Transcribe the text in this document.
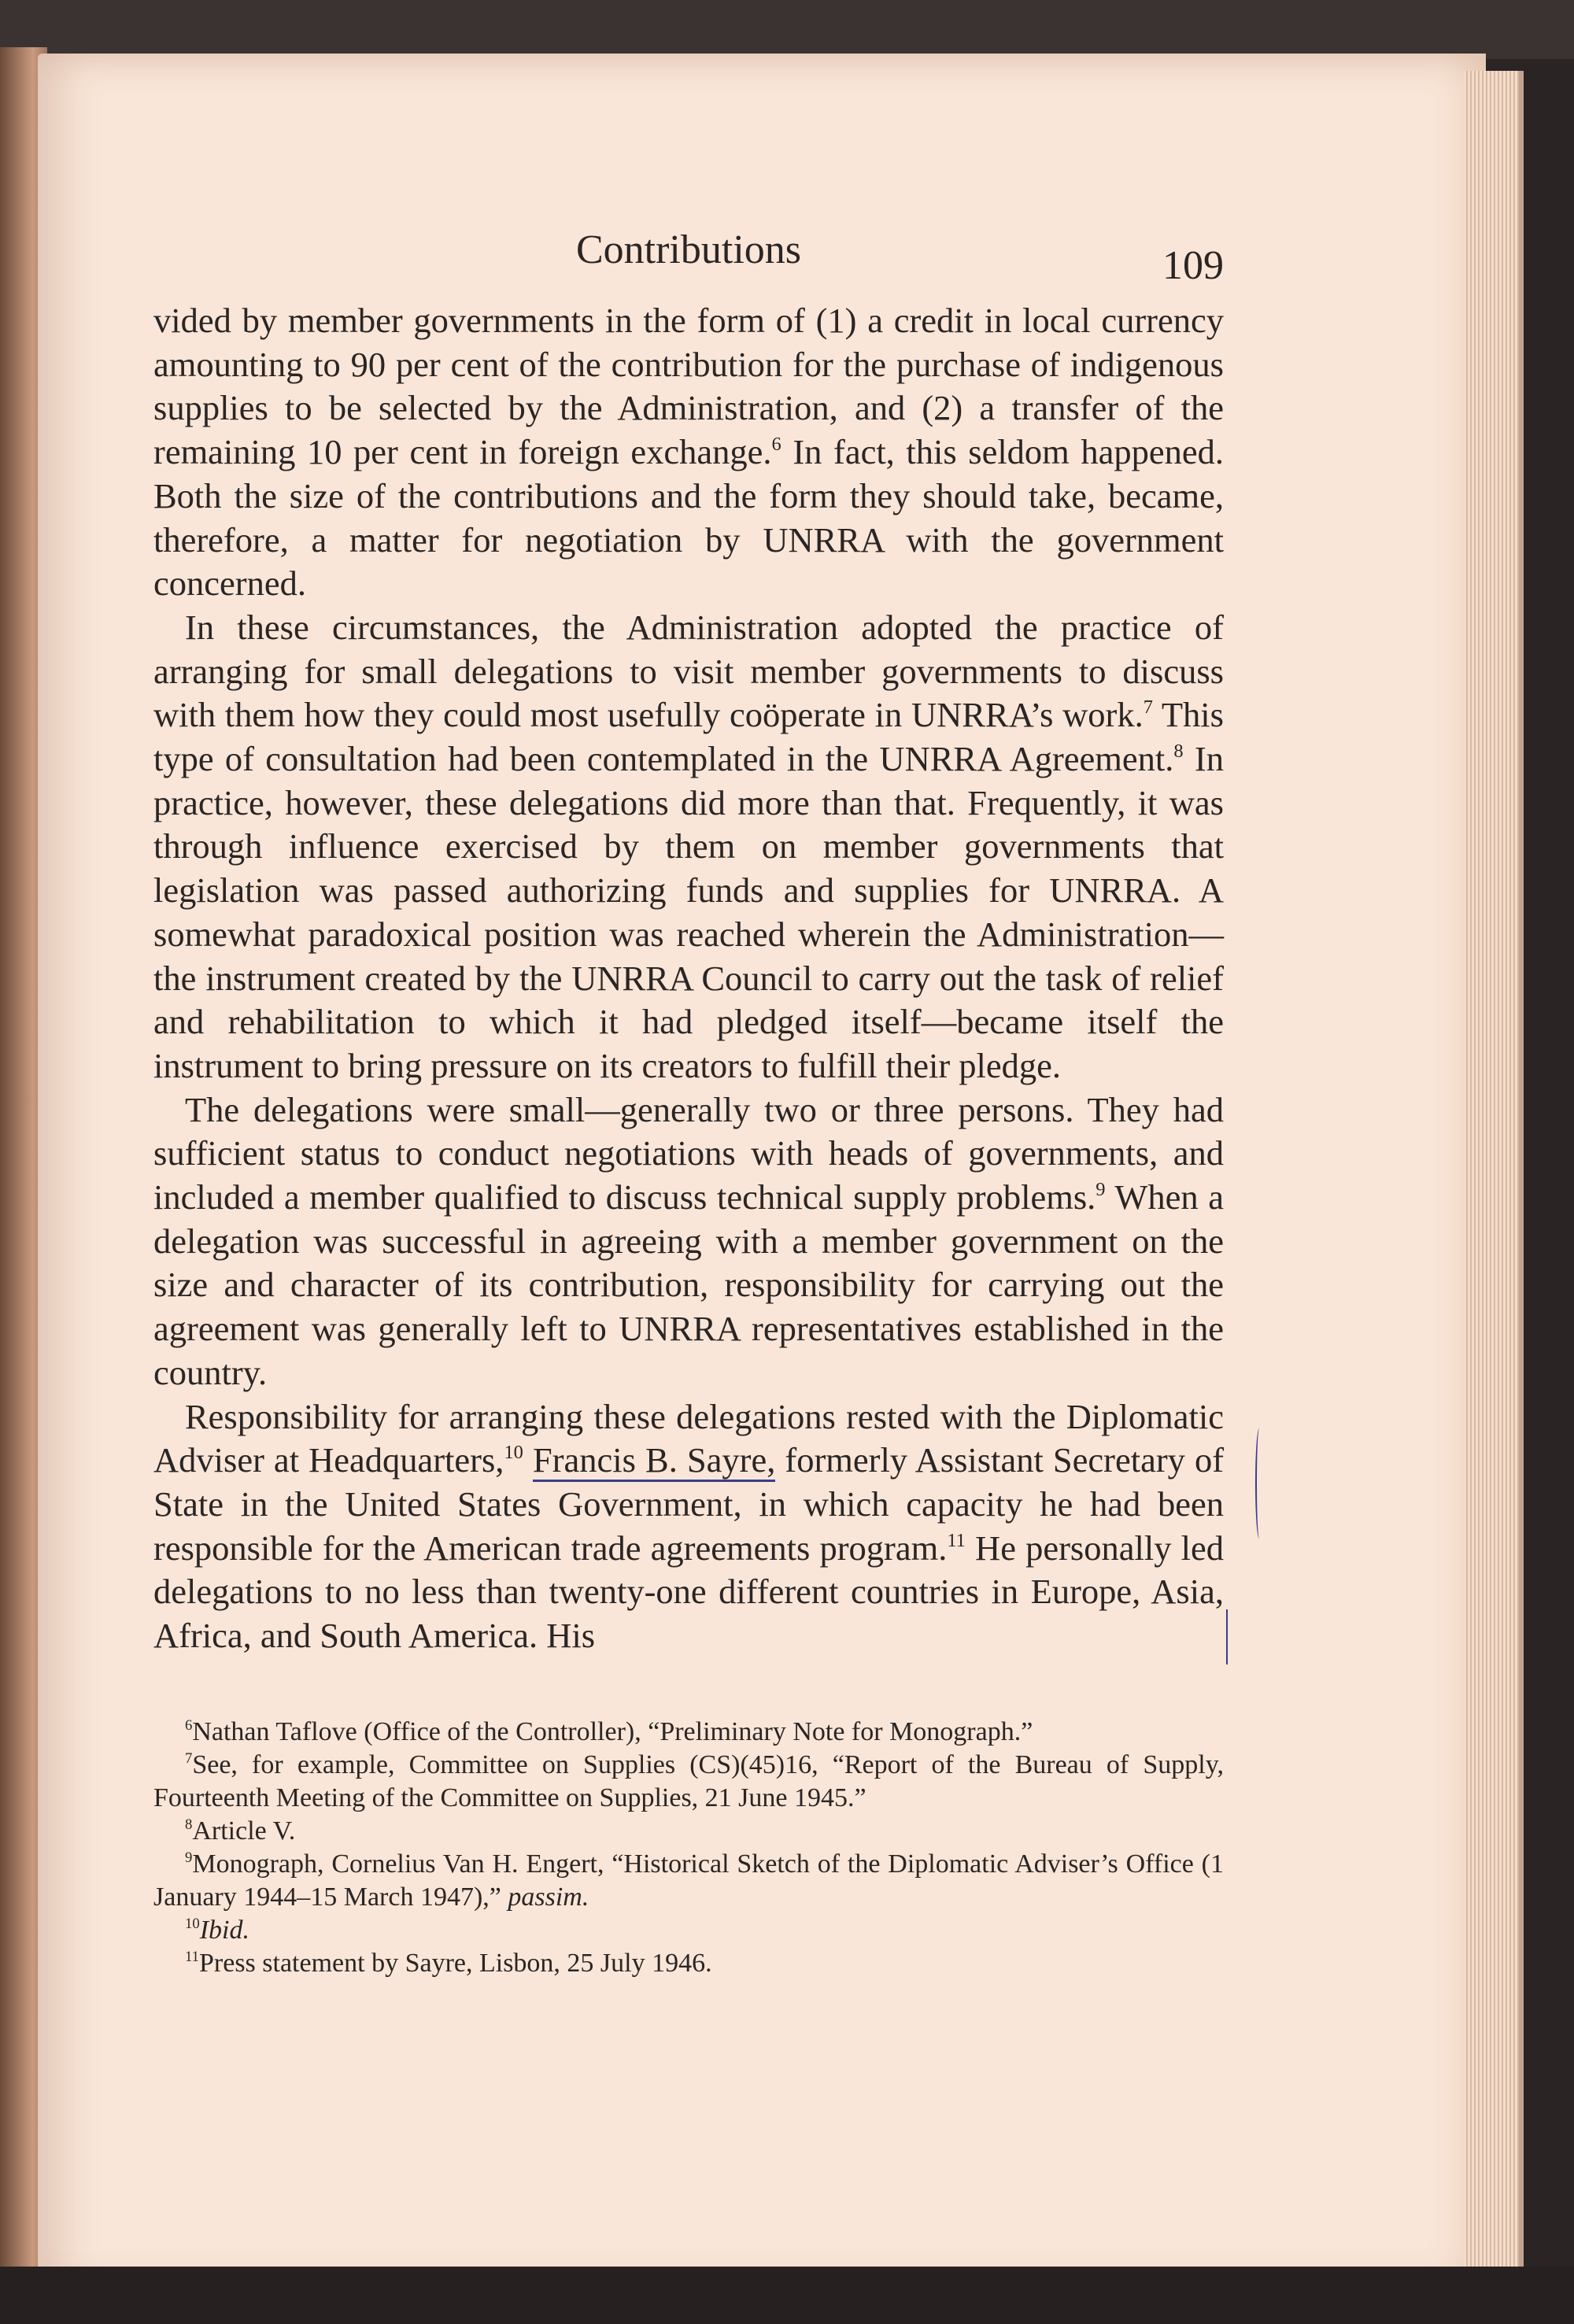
Contributions	109

vided by member governments in the form of (1) a credit in local currency amounting to 90 per cent of the contribution for the purchase of indigenous supplies to be selected by the Administration, and (2) a transfer of the remaining 10 per cent in foreign exchange.$^6$ In fact, this seldom happened. Both the size of the contributions and the form they should take, became, therefore, a matter for negotiation by UNRRA with the government concerned.

In these circumstances, the Administration adopted the practice of arranging for small delegations to visit member governments to discuss with them how they could most usefully coöperate in UNRRA’s work.$^7$ This type of consultation had been contemplated in the UNRRA Agreement.$^8$ In practice, however, these delegations did more than that. Frequently, it was through influence exercised by them on member governments that legislation was passed authorizing funds and supplies for UNRRA. A somewhat paradoxical position was reached wherein the Administration—the instrument created by the UNRRA Council to carry out the task of relief and rehabilitation to which it had pledged itself—became itself the instrument to bring pressure on its creators to fulfill their pledge.

The delegations were small—generally two or three persons. They had sufficient status to conduct negotiations with heads of governments, and included a member qualified to discuss technical supply problems.$^9$ When a delegation was successful in agreeing with a member government on the size and character of its contribution, responsibility for carrying out the agreement was generally left to UNRRA representatives established in the country.

Responsibility for arranging these delegations rested with the Diplomatic Adviser at Headquarters,$^{10}$ Francis B. Sayre, formerly Assistant Secretary of State in the United States Government, in which capacity he had been responsible for the American trade agreements program.$^{11}$ He personally led delegations to no less than twenty-one different countries in Europe, Asia, Africa, and South America. His

$^6$Nathan Taflove (Office of the Controller), “Preliminary Note for Monograph.”

$^7$See, for example, Committee on Supplies (CS)(45)16, “Report of the Bureau of Supply, Fourteenth Meeting of the Committee on Supplies, 21 June 1945.”

$^8$Article V.

$^9$Monograph, Cornelius Van H. Engert, “Historical Sketch of the Diplomatic Adviser’s Office (1 January 1944–15 March 1947),” passim.

$^{10}$Ibid.

$^{11}$Press statement by Sayre, Lisbon, 25 July 1946.
